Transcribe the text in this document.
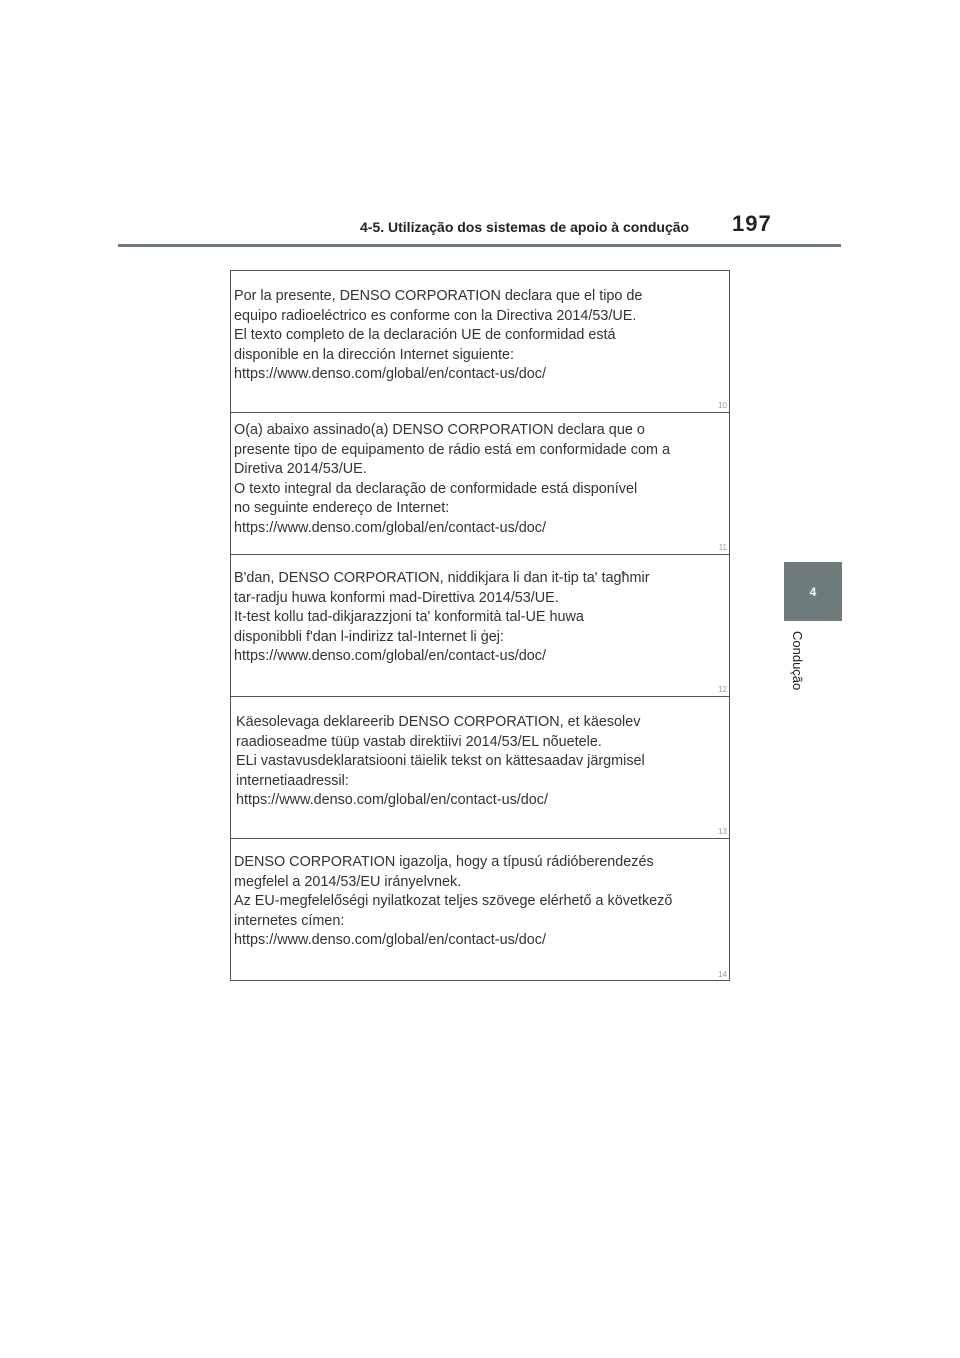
4-5. Utilização dos sistemas de apoio à condução 197
4
Condução
Por la presente, DENSO CORPORATION declara que el tipo de
equipo radioeléctrico es conforme con la Directiva 2014/53/UE.
El texto completo de la declaración UE de conformidad está
disponible en la dirección Internet siguiente:
https://www.denso.com/global/en/contact-us/doc/
10
O(a) abaixo assinado(a) DENSO CORPORATION declara que o
presente tipo de equipamento de rádio está em conformidade com a
Diretiva 2014/53/UE.
O texto integral da declaração de conformidade está disponível
no seguinte endereço de Internet:
https://www.denso.com/global/en/contact-us/doc/
11
B'dan, DENSO CORPORATION, niddikjara li dan it-tip ta' tagħmir
tar-radju huwa konformi mad-Direttiva 2014/53/UE.
It-test kollu tad-dikjarazzjoni ta' konformità tal-UE huwa
disponibbli f'dan l-indirizz tal-Internet li ġej:
https://www.denso.com/global/en/contact-us/doc/
12
Käesolevaga deklareerib DENSO CORPORATION, et käesolev
raadioseadme tüüp vastab direktiivi 2014/53/EL nõuetele.
ELi vastavusdeklaratsiooni täielik tekst on kättesaadav järgmisel
internetiaadressil:
https://www.denso.com/global/en/contact-us/doc/
13
DENSO CORPORATION igazolja, hogy a típusú rádióberendezés
megfelel a 2014/53/EU irányelvnek.
Az EU-megfelelőségi nyilatkozat teljes szövege elérhető a következő
internetes címen:
https://www.denso.com/global/en/contact-us/doc/
14
